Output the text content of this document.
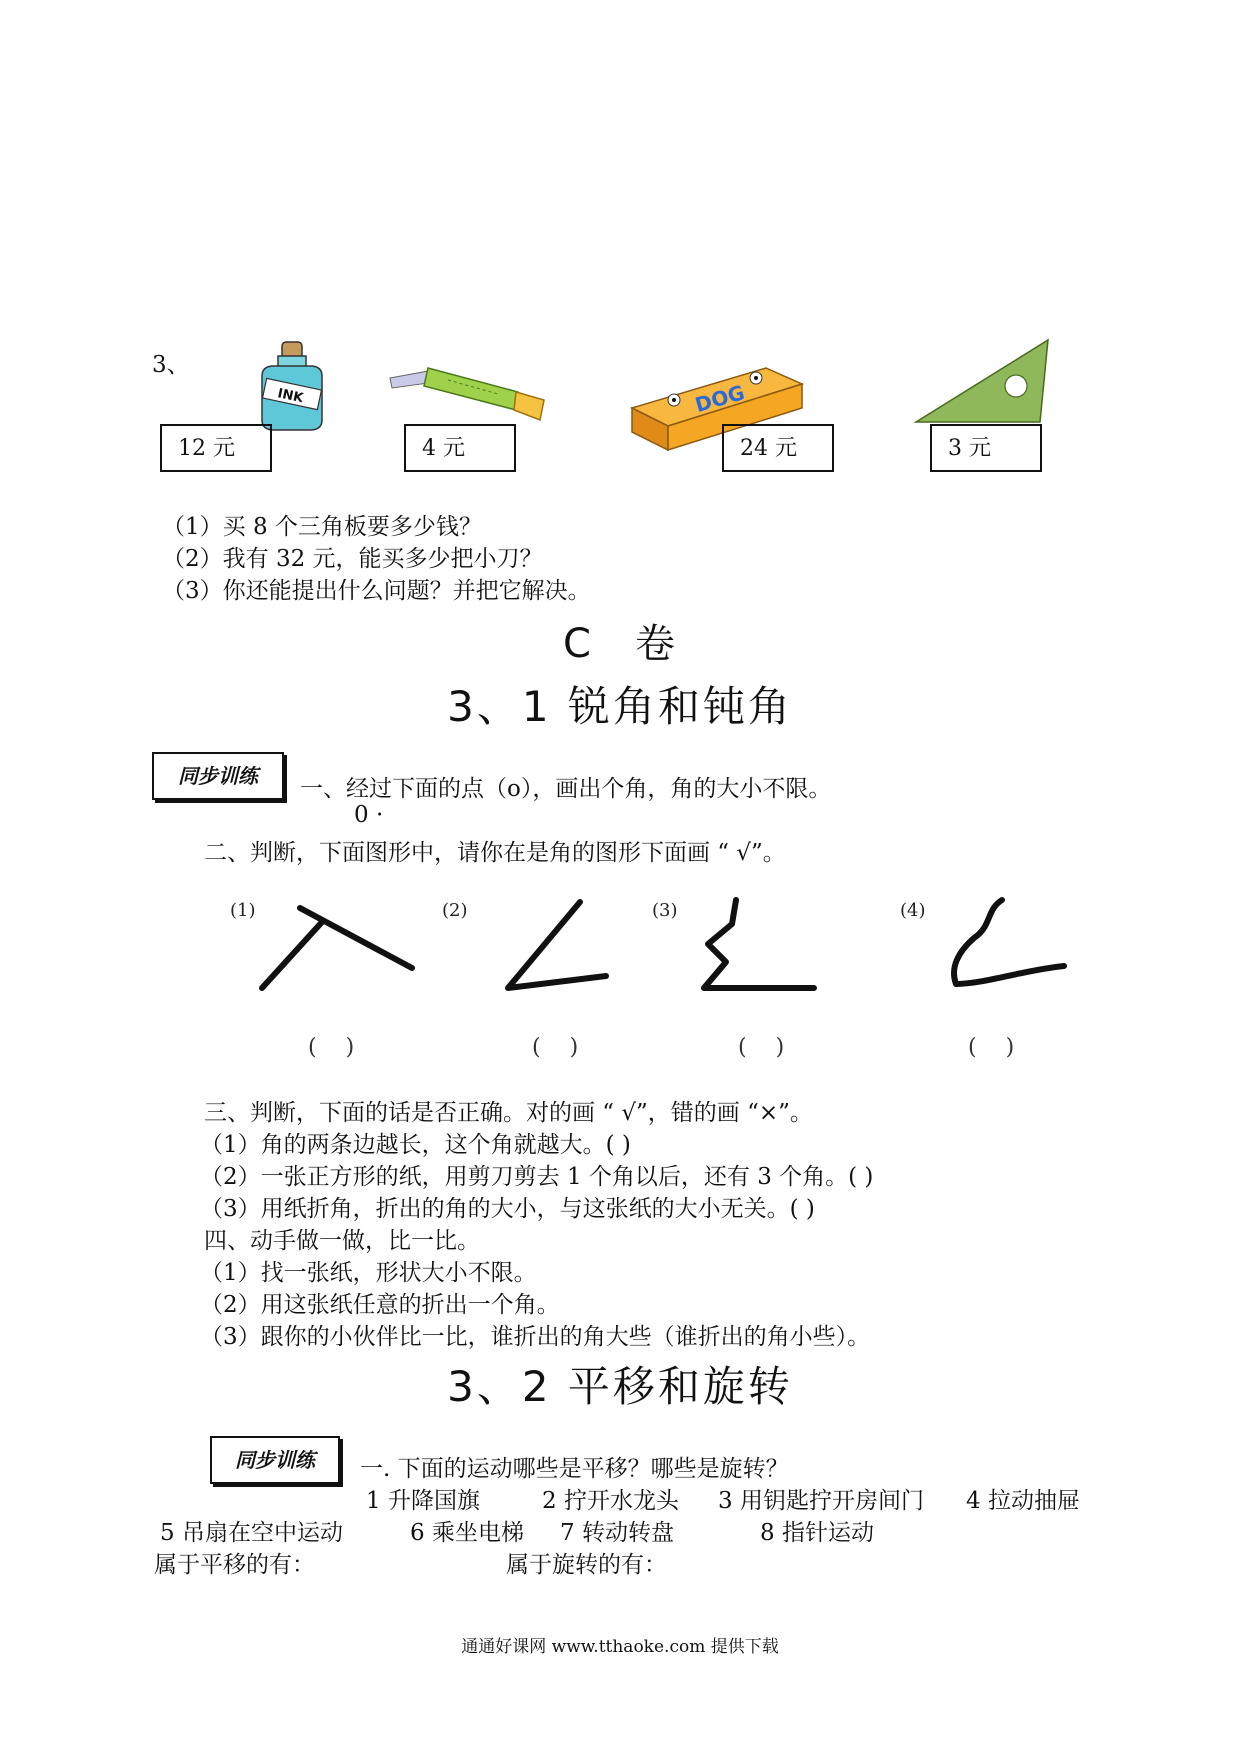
3、
INK	DOG
12 元	4 元	24 元	3 元
（1）买 8 个三角板要多少钱？
（2）我有 32 元，能买多少把小刀？
（3）你还能提出什么问题？并把它解决。
C　卷
3、1 锐角和钝角
同步训练	一、经过下面的点（o），画出个角，角的大小不限。
0 ·
二、判断，下面图形中，请你在是角的图形下面画 “ √”。
(1)	(2)	(3)	(4)
(　 )	(　 )	(　 )	(　 )
三、判断，下面的话是否正确。对的画 “ √”，错的画 “×”。
（1）角的两条边越长，这个角就越大。( )
（2）一张正方形的纸，用剪刀剪去 1 个角以后，还有 3 个角。( )
（3）用纸折角，折出的角的大小，与这张纸的大小无关。( )
四、动手做一做，比一比。
（1）找一张纸，形状大小不限。
（2）用这张纸任意的折出一个角。
（3）跟你的小伙伴比一比，谁折出的角大些（谁折出的角小些）。
3、2 平移和旋转
同步训练	一. 下面的运动哪些是平移？哪些是旋转？
1 升降国旗	2 拧开水龙头 3 用钥匙拧开房间门 4 拉动抽屉
5 吊扇在空中运动	6 乘坐电梯 7 转动转盘	8 指针运动
属于平移的有：	属于旋转的有：
通通好课网 www.tthaoke.com 提供下载
